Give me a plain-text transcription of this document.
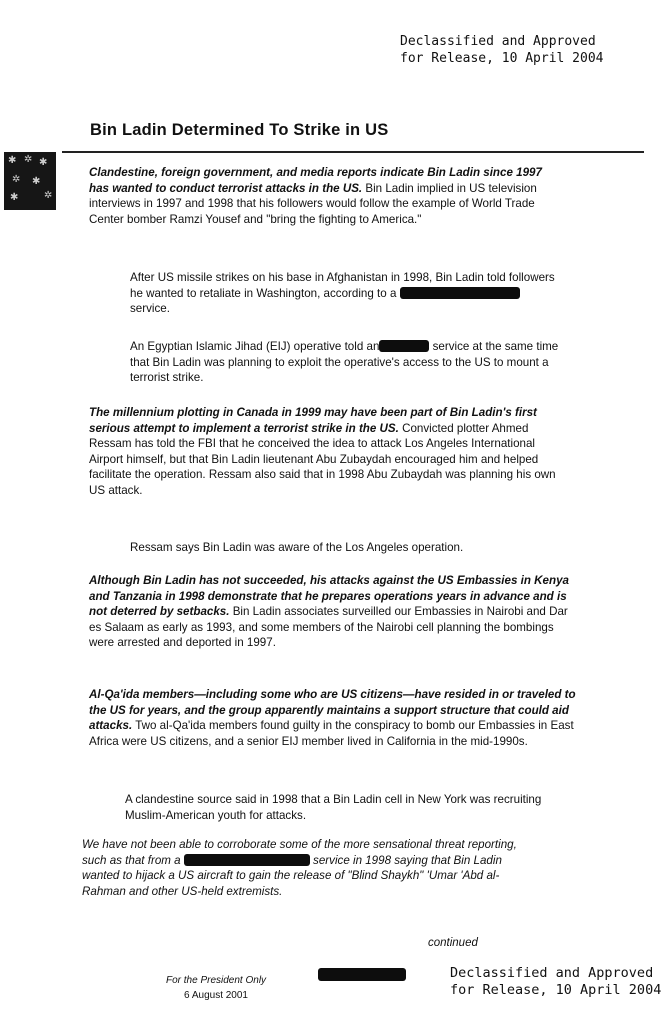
Declassified and Approved
for Release, 10 April 2004
Bin Ladin Determined To Strike in US
✱ ✲ ✱
✲ ✱
✲
✱
Clandestine, foreign government, and media reports indicate Bin Ladin since 1997 has wanted to conduct terrorist attacks in the US. Bin Ladin implied in US television interviews in 1997 and 1998 that his followers would follow the example of World Trade Center bomber Ramzi Yousef and "bring the fighting to America."
After US missile strikes on his base in Afghanistan in 1998, Bin Ladin told followers he wanted to retaliate in Washington, according to a  service.
An Egyptian Islamic Jihad (EIJ) operative told an	service at the same time that Bin Ladin was planning to exploit the operative's access to the US to mount a terrorist strike.
The millennium plotting in Canada in 1999 may have been part of Bin Ladin's first serious attempt to implement a terrorist strike in the US. Convicted plotter Ahmed Ressam has told the FBI that he conceived the idea to attack Los Angeles International Airport himself, but that Bin Ladin lieutenant Abu Zubaydah encouraged him and helped facilitate the operation. Ressam also said that in 1998 Abu Zubaydah was planning his own US attack.
Ressam says Bin Ladin was aware of the Los Angeles operation.
Although Bin Ladin has not succeeded, his attacks against the US Embassies in Kenya and Tanzania in 1998 demonstrate that he prepares operations years in advance and is not deterred by setbacks. Bin Ladin associates surveilled our Embassies in Nairobi and Dar es Salaam as early as 1993, and some members of the Nairobi cell planning the bombings were arrested and deported in 1997.
Al-Qa'ida members—including some who are US citizens—have resided in or traveled to the US for years, and the group apparently maintains a support structure that could aid attacks. Two al-Qa'ida members found guilty in the conspiracy to bomb our Embassies in East Africa were US citizens, and a senior EIJ member lived in California in the mid-1990s.
A clandestine source said in 1998 that a Bin Ladin cell in New York was recruiting Muslim-American youth for attacks.
We have not been able to corroborate some of the more sensational threat reporting, such as that from a	service in 1998 saying that Bin Ladin wanted to hijack a US aircraft to gain the release of "Blind Shaykh" 'Umar 'Abd al-Rahman and other US-held extremists.
continued
For the President Only
6 August 2001
Declassified and Approved
for Release, 10 April 2004
